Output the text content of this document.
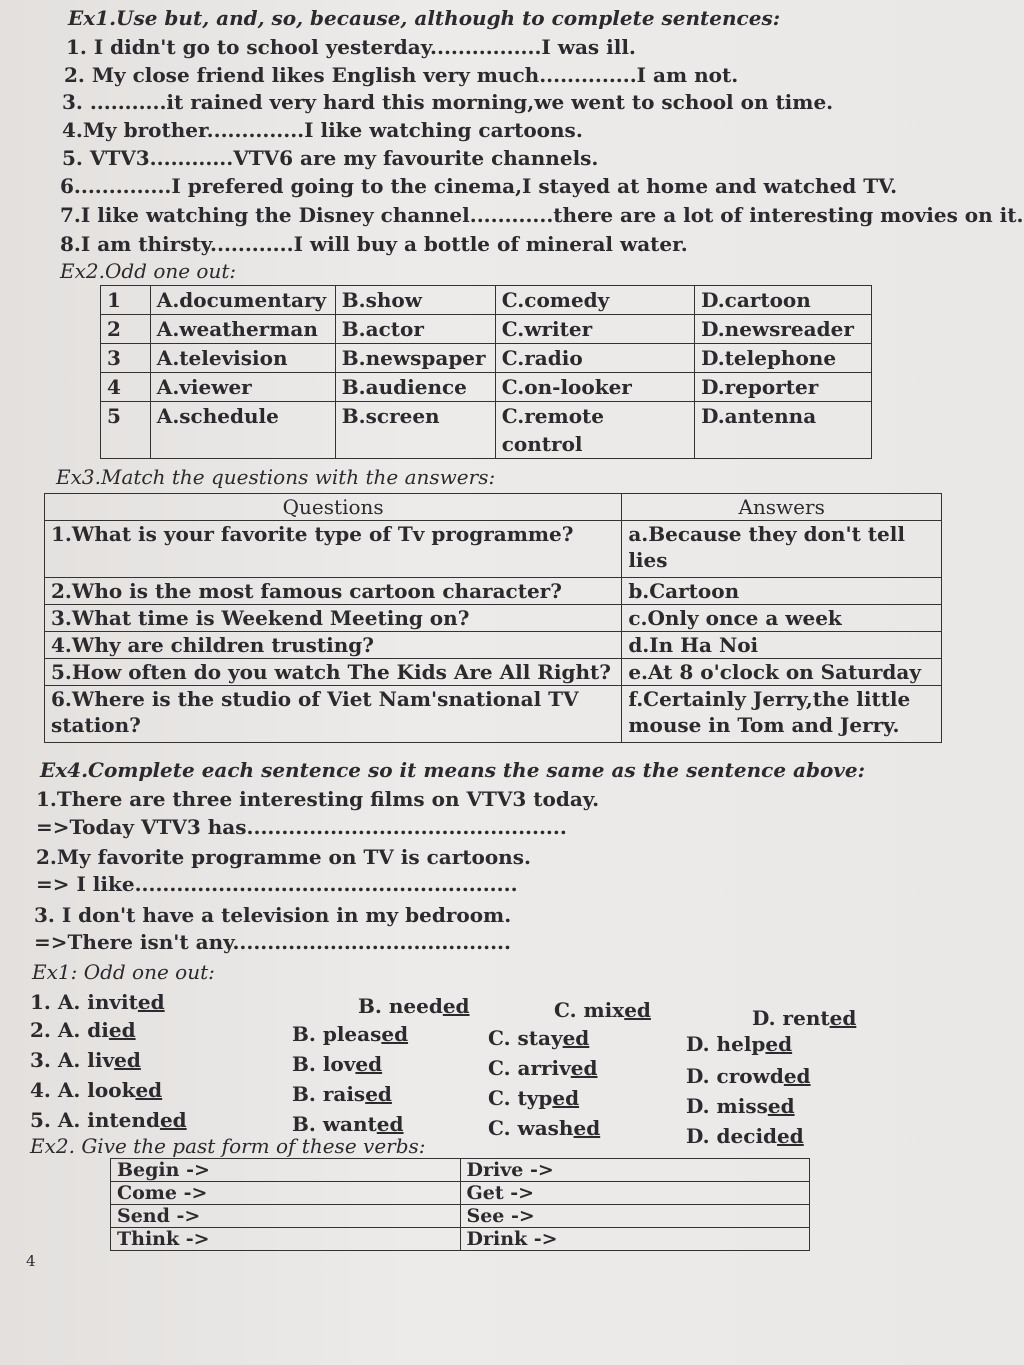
Ex1.Use but, and, so, because, although to complete sentences:
1. I didn't go to school yesterday................I was ill.
2. My close friend likes English very much..............I am not.
3. ...........it rained very hard this morning,we went to school on time.
4.My brother..............I like watching cartoons.
5. VTV3............VTV6 are my favourite channels.
6..............I prefered going to the cinema,I stayed at home and watched TV.
7.I like watching the Disney channel............there are a lot of interesting movies on it.
8.I am thirsty............I will buy a bottle of mineral water.
Ex2.Odd one out:
1	A.documentary	B.show	C.comedy	D.cartoon
2	A.weatherman	B.actor	C.writer	D.newsreader
3	A.television	B.newspaper	C.radio	D.telephone
4	A.viewer	B.audience	C.on-looker	D.reporter
5	A.schedule	B.screen	C.remote control	D.antenna
Ex3.Match the questions with the answers:
Questions	Answers
1.What is your favorite type of Tv programme?	a.Because they don't tell lies
2.Who is the most famous cartoon character?	b.Cartoon
3.What time is Weekend Meeting on?	c.Only once a week
4.Why are children trusting?	d.In Ha Noi
5.How often do you watch The Kids Are All Right?	e.At 8 o'clock on Saturday
6.Where is the studio of Viet Nam'snational TV station?	f.Certainly Jerry,the little mouse in Tom and Jerry.
Ex4.Complete each sentence so it means the same as the sentence above:
1.There are three interesting films on VTV3 today.
=>Today VTV3 has..............................................
2.My favorite programme on TV is cartoons.
=> I like.......................................................
3. I don't have a television in my bedroom.
=>There isn't any........................................
Ex1: Odd one out:
1. A. invited	B. needed	C. mixed	D. rented
2. A. died	B. pleased	C. stayed	D. helped
3. A. lived	B. loved	C. arrived	D. crowded
4. A. looked	B. raised	C. typed	D. missed
5. A. intended	B. wanted	C. washed	D. decided
Ex2. Give the past form of these verbs:
Begin ->	Drive ->
Come ->	Get ->
Send ->	See ->
Think ->	Drink ->
4
